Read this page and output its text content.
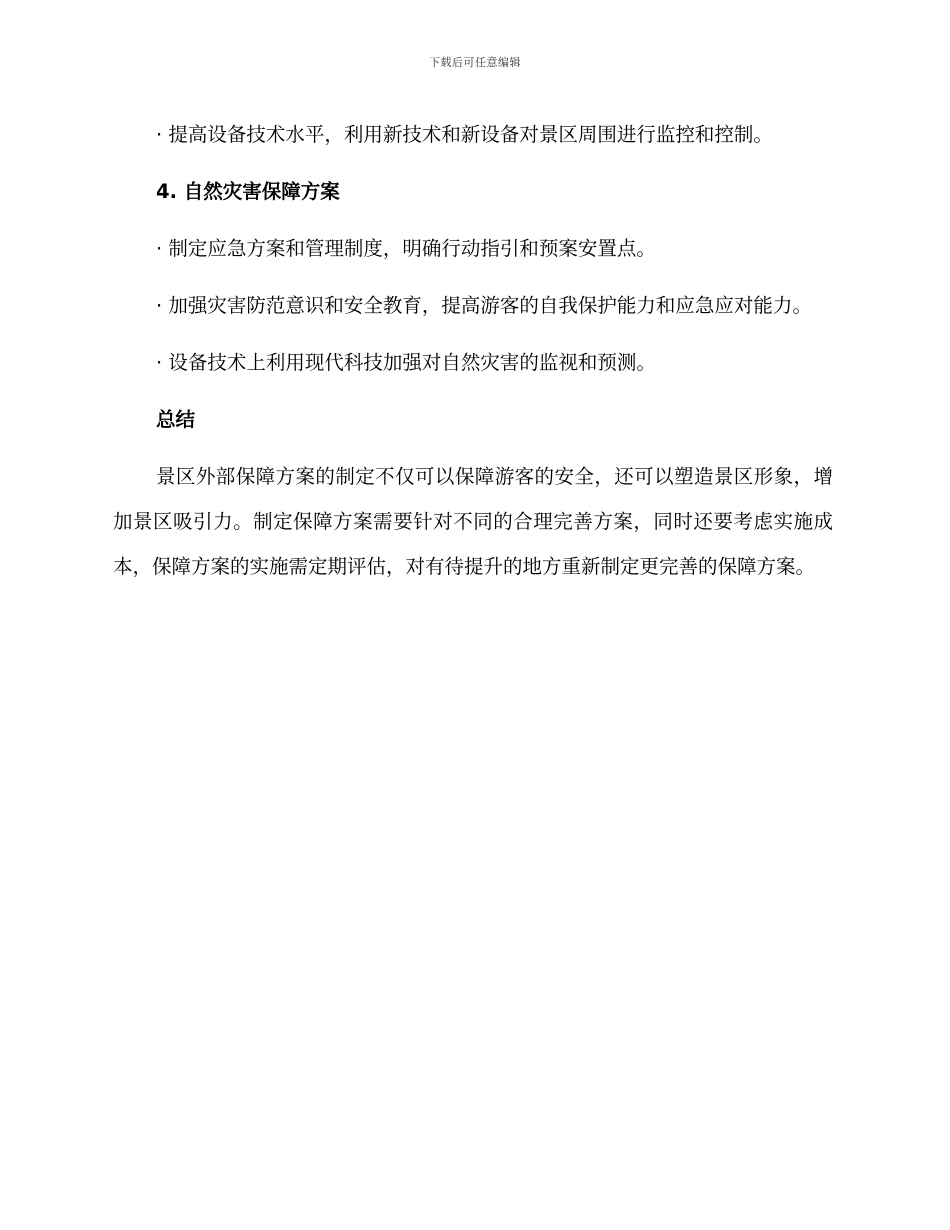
下载后可任意编辑

· 提高设备技术水平，利用新技术和新设备对景区周围进行监控和控制。

4. 自然灾害保障方案

· 制定应急方案和管理制度，明确行动指引和预案安置点。

· 加强灾害防范意识和安全教育，提高游客的自我保护能力和应急应对能力。

· 设备技术上利用现代科技加强对自然灾害的监视和预测。

总结

景区外部保障方案的制定不仅可以保障游客的安全，还可以塑造景区形象，增加景区吸引力。制定保障方案需要针对不同的合理完善方案，同时还要考虑实施成本，保障方案的实施需定期评估，对有待提升的地方重新制定更完善的保障方案。
